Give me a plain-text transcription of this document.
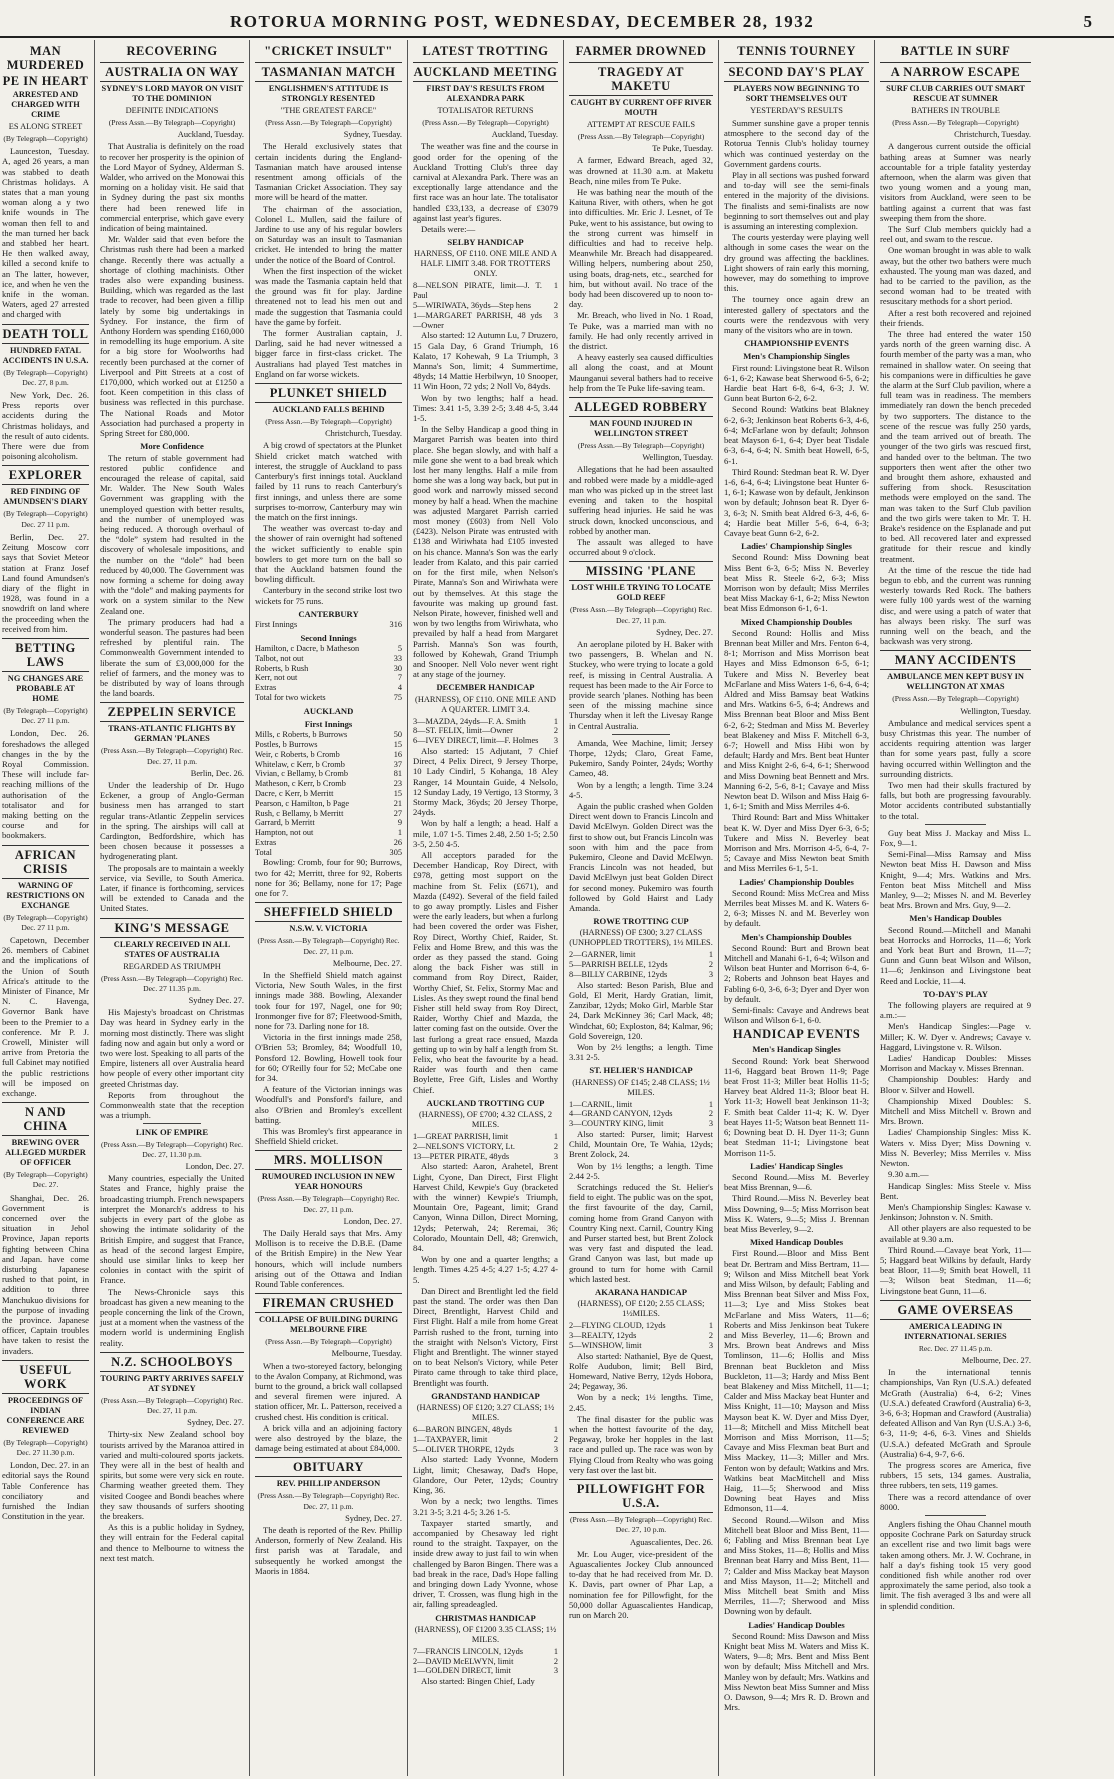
ROTORUA MORNING POST, WEDNESDAY, DECEMBER 28, 1932	5
MAN MURDERED
PE IN HEART
ARRESTED AND CHARGED WITH CRIME
ES ALONG STREET
(By Telegraph—Copyright)

Launceston, Tuesday. A, aged 26 years, a man was stabbed to death Christmas holidays. A states that a man young woman along a y two knife wounds in The woman then fell to and the man turned her back and stabbed her heart. He then walked away, killed a second knife to an The latter, however, ice, and when he ven the knife in the woman. Waters, aged 27 arrested and charged with

DEATH TOLL
HUNDRED FATAL ACCIDENTS IN U.S.A.
(By Telegraph—Copyright) Dec. 27, 8 p.m.

New York, Dec. 26. Press reports over accidents during the Christmas holidays, and the result of auto cidents. There were due from poisoning alcoholism.

EXPLORER
RED FINDING OF AMUNDSEN'S DIARY
(By Telegraph—Copyright) Dec. 27 11 p.m.

Berlin, Dec. 27. Zeitung Moscow corr says that Soviet Meteor station at Franz Josef Land found Amundsen's diary of the flight in 1928, was found in a snowdrift on land where the proceeding when the received from him.

BETTING LAWS
NG CHANGES ARE PROBABLE AT HOME
(By Telegraph—Copyright) Dec. 27 11 p.m.

London, Dec. 26. foreshadows the alleged changes in the by the Royal Commission. These will include far-reaching millions of the authorisation of the totalisator and for making betting on the course and for bookmakers.

AFRICAN CRISIS
WARNING OF RESTRICTIONS ON EXCHANGE
(By Telegraph—Copyright) Dec. 27 11 p.m.

Capetown, December 26. members of Cabinet and the implications of the Union of South Africa's attitude to the Minister of Finance, Mr N. C. Havenga, Governor Bank have been to the Premier to a conference. Mr P. J. Crowell, Minister will arrive from Pretoria the full Cabinet may notified the public restrictions will be imposed on exchange.

N AND CHINA
BREWING OVER ALLEGED MURDER OF OFFICER
(By Telegraph—Copyright) Dec. 27.

Shanghai, Dec. 26. Government is concerned over the situation in Jehol Province, Japan reports fighting between China and Japan. have come disturbing Japanese rushed to that point, in addition to three Manchukuo divisions for the purpose of invading the province. Japanese officer, Captain troubles have taken to resist the invaders.

USEFUL WORK
PROCEEDINGS OF INDIAN CONFERENCE ARE REVIEWED
(By Telegraph—Copyright) Dec. 27 11.30 p.m.

London, Dec. 27. in an editorial says the Round Table Conference has conciliatory and furnished the Indian Constitution in the year.

RECOVERING
AUSTRALIA ON WAY
SYDNEY'S LORD MAYOR ON VISIT TO THE DOMINION
DEFINITE INDICATIONS
(Press Assn.—By Telegraph—Copyright)
Auckland, Tuesday.

That Australia is definitely on the road to recover her prosperity is the opinion of the Lord Mayor of Sydney, Alderman S. Walder, who arrived on the Monowai this morning on a holiday visit. He said that in Sydney during the past six months there had been renewed life in commercial enterprise, which gave every indication of being maintained.

Mr. Walder said that even before the Christmas rush there had been a marked change. Recently there was actually a shortage of clothing machinists. Other trades also were expanding business. Building, which was regarded as the last trade to recover, had been given a fillip lately by some big undertakings in Sydney. For instance, the firm of Anthony Hordern was spending £160,000 in remodelling its huge emporium. A site for a big store for Woolworths had recently been purchased at the corner of Liverpool and Pitt Streets at a cost of £170,000, which worked out at £1250 a foot. Keen competition in this class of business was reflected in this purchase. The National Roads and Motor Association had purchased a property in Spring Street for £80,000.

More Confidence

The return of stable government had restored public confidence and encouraged the release of capital, said Mr. Walder. The New South Wales Government was grappling with the unemployed question with better results, and the number of unemployed was being reduced. A thorough overhaul of the “dole” system had resulted in the discovery of wholesale impositions, and the number on the “dole” had been reduced by 40,000. The Government was now forming a scheme for doing away with the “dole” and making payments for work on a system similar to the New Zealand one.

The primary producers had had a wonderful season. The pastures had been refreshed by plentiful rain. The Commonwealth Government intended to liberate the sum of £3,000,000 for the relief of farmers, and the money was to be distributed by way of loans through the land boards.

ZEPPELIN SERVICE
TRANS-ATLANTIC FLIGHTS BY GERMAN 'PLANES
(Press Assn.—By Telegraph—Copyright) Rec. Dec. 27, 11 p.m.
Berlin, Dec. 26.

Under the leadership of Dr. Hugo Eckener, a group of Anglo-German business men has arranged to start regular trans-Atlantic Zeppelin services in the spring. The airships will call at Cardington, Bedfordshire, which has been chosen because it possesses a hydrogenerating plant.

The proposals are to maintain a weekly service, via Seville, to South America. Later, if finance is forthcoming, services will be extended to Canada and the United States.

KING'S MESSAGE
CLEARLY RECEIVED IN ALL STATES OF AUSTRALIA
REGARDED AS TRIUMPH
(Press Assn.—By Telegraph—Copyright) Rec. Dec. 27 11.35 p.m.
Sydney Dec. 27.

His Majesty's broadcast on Christmas Day was heard in Sydney early in the morning most distinctly. There was slight fading now and again but only a word or two were lost. Speaking to all parts of the Empire, listeners all over Australia heard how people of every other important city greeted Christmas day.

Reports from throughout the Commonwealth state that the reception was a triumph.

LINK OF EMPIRE
(Press Assn.—By Telegraph—Copyright) Rec. Dec. 27, 11.30 p.m.
London, Dec. 27.

Many countries, especially the United States and France, highly praise the broadcasting triumph. French newspapers interpret the Monarch's address to his subjects in every part of the globe as showing the intimate solidarity of the British Empire, and suggest that France, as head of the second largest Empire, should use similar links to keep her colonies in contact with the spirit of France.

The News-Chronicle says this broadcast has given a new meaning to the people concerning the link of the Crown, just at a moment when the vastness of the modern world is undermining English reality.

N.Z. SCHOOLBOYS
TOURING PARTY ARRIVES SAFELY AT SYDNEY
(Press Assn.—By Telegraph—Copyright) Rec. Dec. 27, 11 p.m.
Sydney, Dec. 27.

Thirty-six New Zealand school boy tourists arrived by the Maranoa attired in varied and multi-coloured sports jackets. They were all in the best of health and spirits, but some were very sick en route. Charming weather greeted them. They visited Coogee and Bondi beaches where they saw thousands of surfers shooting the breakers.

As this is a public holiday in Sydney, they will entrain for the Federal capital and thence to Melbourne to witness the next test match.

"CRICKET INSULT"
TASMANIAN MATCH
ENGLISHMEN'S ATTITUDE IS STRONGLY RESENTED
"THE GREATEST FARCE"
(Press Assn.—By Telegraph—Copyright)
Sydney, Tuesday.

The Herald exclusively states that certain incidents during the England-Tasmanian match have aroused intense resentment among officials of the Tasmanian Cricket Association. They say more will be heard of the matter.

The chairman of the association, Colonel L. Mullen, said the failure of Jardine to use any of his regular bowlers on Saturday was an insult to Tasmanian cricket. He intended to bring the matter under the notice of the Board of Control.

When the first inspection of the wicket was made the Tasmania captain held that the ground was fit for play. Jardine threatened not to lead his men out and made the suggestion that Tasmania could have the game by forfeit.

The former Australian captain, J. Darling, said he had never witnessed a bigger farce in first-class cricket. The Australians had played Test matches in England on far worse wickets.

PLUNKET SHIELD
AUCKLAND FALLS BEHIND
(Press Assn.—By Telegraph—Copyright)
Christchurch, Tuesday.

A big crowd of spectators at the Plunket Shield cricket match watched with interest, the struggle of Auckland to pass Canterbury's first innings total. Auckland failed by 11 runs to reach Canterbury's first innings, and unless there are some surprises to-morrow, Canterbury may win the match on the first innings.

The weather was overcast to-day and the shower of rain overnight had softened the wicket sufficiently to enable spin bowlers to get more turn on the ball so that the Auckland batsmen found the bowling difficult.

Canterbury in the second strike lost two wickets for 75 runs.

CANTERBURY
First Innings	316
Second Innings
Hamilton, c Dacre, b Matheson	5
Talbot, not out	33
Roberts, b Rush	30
Kerr, not out	7
Extras	4
Total for two wickets	75
AUCKLAND
First Innings
Mills, c Roberts, b Burrows	50
Postles, b Burrows	15
Weir, c Roberts, b Cromb	16
Whitelaw, c Kerr, b Cromb	37
Vivian, c Bellamy, b Cromb	81
Matheson, c Kerr, b Cromb	23
Dacre, c Kerr, b Merritt	15
Pearson, c Hamilton, b Page	21
Rush, c Bellamy, b Merritt	27
Garrard, b Merritt	9
Hampton, not out	1
Extras	26
Total	305

Bowling: Cromb, four for 90; Burrows, two for 42; Merritt, three for 92, Roberts none for 36; Bellamy, none for 17; Page one for 7.

SHEFFIELD SHIELD
N.S.W. V. VICTORIA
(Press Assn.—By Telegraph—Copyright) Rec. Dec. 27, 11 p.m.
Melbourne, Dec. 27.

In the Sheffield Shield match against Victoria, New South Wales, in the first innings made 388. Bowling, Alexander took four for 197, Nagel, one for 90; Ironmonger five for 87; Fleetwood-Smith, none for 73. Darling none for 18.

Victoria in the first innings made 258, O'Brien 53; Bromley, 84; Woodfull 10, Ponsford 12. Bowling, Howell took four for 60; O'Reilly four for 52; McCabe one for 34.

A feature of the Victorian innings was Woodfull's and Ponsford's failure, and also O'Brien and Bromley's excellent batting.

This was Bromley's first appearance in Sheffield Shield cricket.

MRS. MOLLISON
RUMOURED INCLUSION IN NEW YEAR HONOURS
(Press Assn.—By Telegraph—Copyright) Rec. Dec. 27, 11 p.m.
London, Dec. 27.

The Daily Herald says that Mrs. Amy Mollison is to receive the D.B.E. (Dame of the British Empire) in the New Year honours, which will include numbers arising out of the Ottawa and Indian Round Table conferences.

FIREMAN CRUSHED
COLLAPSE OF BUILDING DURING MELBOURNE FIRE
(Press Assn.—By Telegraph—Copyright)
Melbourne, Tuesday.

When a two-storeyed factory, belonging to the Avalon Company, at Richmond, was burnt to the ground, a brick wall collapsed and several firemen were injured. A station officer, Mr. L. Patterson, received a crushed chest. His condition is critical.

A brick villa and an adjoining factory were also destroyed by the blaze, the damage being estimated at about £84,000.

OBITUARY
REV. PHILLIP ANDERSON
(Press Assn.—By Telegraph—Copyright) Rec. Dec. 27, 11 p.m.
Sydney, Dec. 27.

The death is reported of the Rev. Phillip Anderson, formerly of New Zealand. His first parish was at Taradale, and subsequently he worked amongst the Maoris in 1884.

LATEST TROTTING
AUCKLAND MEETING
FIRST DAY'S RESULTS FROM ALEXANDRA PARK
TOTALISATOR RETURNS
(Press Assn.—By Telegraph—Copyright)
Auckland, Tuesday.

The weather was fine and the course in good order for the opening of the Auckland Trotting Club's three day carnival at Alexandra Park. There was an exceptionally large attendance and the first race was an hour late. The totalisator handled £33,133, a decrease of £3079 against last year's figures.

Details were:—

SELBY HANDICAP
HARNESS, OF £110. ONE MILE AND A HALF. LIMIT 3.48. FOR TROTTERS ONLY.
8—NELSON PIRATE, limit—J. T. Paul
1
5—WIRIWATA, 36yds—Step hens	2
1—MARGARET PARRISH, 48 yds—Owner
3

Also started: 12 Autumn Lu, 7 Druzero, 15 Gala Day, 6 Grand Triumph, 16 Kalato, 17 Kohewah, 9 La Triumph, 3 Manna's Son, limit; 4 Summertime, 48yds; 14 Mattie Herbilwyn, 10 Snooper, 11 Win Hoon, 72 yds; 2 Noll Vo, 84yds.

Won by two lengths; half a head. Times: 3.41 1-5, 3.39 2-5; 3.48 4-5, 3.44 1-5.

In the Selby Handicap a good thing in Margaret Parrish was beaten into third place. She began slowly, and with half a mile gone she went to a bad break which lost her many lengths. Half a mile from home she was a long way back, but put in good work and narrowly missed second money by half a head. When the machine was adjusted Margaret Parrish carried most money (£603) from Nell Volo (£423). Nelson Pirate was entrusted with £138 and Wiriwhata had £105 invested on his chance. Manna's Son was the early leader from Kalato, and this pair carried on for the first mile, when Nelson's Pirate, Manna's Son and Wiriwhata were out by themselves. At this stage the favourite was making up ground fast. Nelson Pirate, however, finished well and won by two lengths from Wiriwhata, who prevailed by half a head from Margaret Parrish. Manna's Son was fourth, followed by Kohewah, Grand Triumph and Snooper. Nell Volo never went right at any stage of the journey.

DECEMBER HANDICAP
(HARNESS), OF £110. ONE MILE AND A QUARTER. LIMIT 3.4.
3—MAZDA, 24yds—F. A. Smith	1
8—ST. FELIX, limit—Owner	2
6—IVEY DIRECT, limit—F. Holmes	3

Also started: 15 Adjutant, 7 Chief Direct, 4 Pelix Direct, 9 Jersey Thorpe, 10 Lady Cindirl, 5 Kohanga, 18 Aley Ranger, 14 Mountain Guide, 4 Nelsolo, 12 Sunday Lady, 19 Vertigo, 13 Stormy, 3 Stormy Mack, 36yds; 20 Jersey Thorpe, 24yds.

Won by half a length; a head. Half a mile, 1.07 1-5. Times 2.48, 2.50 1-5; 2.50 3-5, 2.50 4-5.

All acceptors paraded for the December Handicap, Roy Direct, with £978, getting most support on the machine from St. Felix (£671), and Mazda (£492). Several of the field failed to go away promptly. Lisles and Fisher were the early leaders, but when a furlong had been covered the order was Fisher, Roy Direct, Worthy Chief, Raider, St. Felix and Home Brew, and this was the order as they passed the stand. Going along the back Fisher was still in command from Roy Direct, Raider, Worthy Chief, St. Felix, Stormy Mac and Lisles. As they swept round the final bend Fisher still held sway from Roy Direct, Raider, Worthy Chief and Mazda, the latter coming fast on the outside. Over the last furlong a great race ensued, Mazda getting up to win by half a length from St. Felix, who beat the favourite by a head. Raider was fourth and then came Boylette, Free Gift, Lisles and Worthy Chief.

AUCKLAND TROTTING CUP
(HARNESS), OF £700; 4.32 CLASS, 2 MILES.
1—GREAT PARRISH, limit	1
2—NELSON'S VICTORY, Lt.	2
13—PETER PIRATE, 48yds	3

Also started: Aaron, Arahetel, Brent Light, Cyone, Dan Direct, First Flight Harvest Child, Kewpie's Guy (bracketed with the winner) Kewpie's Triumph, Mountain Ore, Pageant, limit; Grand Canyon, Winna Dillon, Direct Morning, 12yds; Peterwah, 24; Reremai, 36; Colorado, Mountain Dell, 48; Grenwich, 84.

Won by one and a quarter lengths; a length. Times 4.25 4-5; 4.27 1-5; 4.27 4-5.

Dan Direct and Brentlight led the field past the stand. The order was then Dan Direct, Brentlight, Harvest Child and First Flight. Half a mile from home Great Parrish rushed to the front, turning into the straight with Nelson's Victory, First Flight and Brentlight. The winner stayed on to beat Nelson's Victory, while Peter Pirato came through to take third place, Brentlight was fourth.

GRANDSTAND HANDICAP
(HARNESS) OF £120; 3.27 CLASS; 1½ MILES.
6—BARON BINGEN, 48yds	1
1—TAXPAYER, limit	2
5—OLIVER THORPE, 12yds	3

Also started: Lady Yvonne, Modern Light, limit; Chesaway, Dad's Hope, Glandore, Our Peter, 12yds; Country King, 36.

Won by a neck; two lengths. Times 3.21 3-5; 3.21 4-5; 3.26 1-5.

Taxpayer started smartly, and accompanied by Chesaway led right round to the straight. Taxpayer, on the inside drew away to just fail to win when challenged by Baron Bingen. There was a bad break in the race, Dad's Hope falling and bringing down Lady Yvonne, whose driver, T. Crossen, was flung high in the air, falling spreadeagled.

CHRISTMAS HANDICAP
(HARNESS), OF £1200 3.35 CLASS; 1½ MILES.
7—FRANCIS LINCOLN, 12yds	1
2—DAVID McELWYN, limit	2
1—GOLDEN DIRECT, limit	3

Also started: Bingen Chief, Lady

FARMER DROWNED
TRAGEDY AT MAKETU
CAUGHT BY CURRENT OFF RIVER MOUTH
ATTEMPT AT RESCUE FAILS
(Press Assn.—By Telegraph—Copyright)
Te Puke, Tuesday.

A farmer, Edward Breach, aged 32, was drowned at 11.30 a.m. at Maketu Beach, nine miles from Te Puke.

He was bathing near the mouth of the Kaituna River, with others, when he got into difficulties. Mr. Eric J. Lesnet, of Te Puke, went to his assistance, but owing to the strong current was himself in difficulties and had to receive help. Meanwhile Mr. Breach had disappeared. Willing helpers, numbering about 250, using boats, drag-nets, etc., searched for him, but without avail. No trace of the body had been discovered up to noon to-day.

Mr. Breach, who lived in No. 1 Road, Te Puke, was a married man with no family. He had only recently arrived in the district.

A heavy easterly sea caused difficulties all along the coast, and at Mount Maunganui several bathers had to receive help from the Te Puke life-saving team.

ALLEGED ROBBERY
MAN FOUND INJURED IN WELLINGTON STREET
(Press Assn.—By Telegraph—Copyright)
Wellington, Tuesday.

Allegations that he had been assaulted and robbed were made by a middle-aged man who was picked up in the street last evening and taken to the hospital suffering head injuries. He said he was struck down, knocked unconscious, and robbed by another man.

The assault was alleged to have occurred about 9 o'clock.

MISSING 'PLANE
LOST WHILE TRYING TO LOCATE GOLD REEF
(Press Assn.—By Telegraph—Copyright) Rec. Dec. 27, 11 p.m.
Sydney, Dec. 27.

An aeroplane piloted by H. Baker with two passengers, B. Whelan and N. Stuckey, who were trying to locate a gold reef, is missing in Central Australia. A request has been made to the Air Force to provide search 'planes. Nothing has been seen of the missing machine since Thursday when it left the Livesay Range in Central Australia.

Amanda, Wee Machine, limit; Jersey Thorpe, 12yds; Claro, Great Fame, Pukemiro, Sandy Pointer, 24yds; Worthy Cameo, 48.

Won by a length; a length. Time 3.24 4-5.

Again the public crashed when Golden Direct went down to Francis Lincoln and David McElwyn. Golden Direct was the first to show out, but Francis Lincoln was soon with him and the pace from Pukemiro, Cleone and David McElwyn. Francis Lincoln was not headed, but David McElwyn just beat Golden Direct for second money. Pukemiro was fourth followed by Gold Hairst and Lady Amanda.

ROWE TROTTING CUP
(HARNESS) OF £300; 3.27 CLASS (UNHOPPLED TROTTERS), 1½ MILES.
2—GARNER, limit	1
5—PARRISH BELLE, 12yds	2
8—BILLY CARBINE, 12yds	3

Also started: Beson Parish, Blue and Gold, El Merit, Hardy Gratian, limit, Zanzibar, 12yds; Moko Girl, Marble Star 24, Dark McKinney 36; Carl Mack, 48; Windchat, 60; Exploston, 84; Kalmar, 96; Gold Sovereign, 120.

Won by 2½ lengths; a length. Time 3.31 2-5.

ST. HELIER'S HANDICAP
(HARNESS) OF £145; 2.48 CLASS; 1½ MILES.
1—CARNIL, limit	1
4—GRAND CANYON, 12yds	2
3—COUNTRY KING, limit	3

Also started: Purser, limit; Harvest Child, Mountain Ore, Te Wahia, 12yds; Brent Zolock, 24.

Won by 1½ lengths; a length. Time 2.44 2-5.

Scratchings reduced the St. Helier's field to eight. The public was on the spot, the first favourite of the day, Carnil, coming home from Grand Canyon with Country King next. Carnil, Country King and Purser started best, but Brent Zolock was very fast and disputed the lead. Grand Canyon was last, but made up ground to turn for home with Carnil which lasted best.

AKARANA HANDICAP
(HARNESS), OF £120; 2.55 CLASS; 1½MILES.
2—FLYING CLOUD, 12yds	1
3—REALTY, 12yds	2
5—WINSHOW, limit	3

Also started: Nathaniel, Bye de Quest, Rolfe Audubon, limit; Bell Bird, Homeward, Native Berry, 12yds Hobora, 24; Pegaway, 36.

Won by a neck; 1½ lengths. Time, 2.45.

The final disaster for the public was when the hottest favourite of the day, Pegaway, broke her hopples in the last race and pulled up. The race was won by Flying Cloud from Realty who was going very fast over the last bit.

PILLOWFIGHT FOR U.S.A.
(Press Assn.—By Telegraph—Copyright) Rec. Dec. 27, 10 p.m.
Aguascalientes, Dec. 26.

Mr. Lou Auger, vice-president of the Aguascalientes Jockey Club announced to-day that he had received from Mr. D. K. Davis, part owner of Phar Lap, a nomination fee for Pillowfight, for the 50,000 dollar Aguascalientes Handicap, run on March 20.

TENNIS TOURNEY
SECOND DAY'S PLAY
PLAYERS NOW BEGINNING TO SORT THEMSELVES OUT
YESTERDAY'S RESULTS

Summer sunshine gave a proper tennis atmosphere to the second day of the Rotorua Tennis Club's holiday tourney which was continued yesterday on the Government gardens courts.

Play in all sections was pushed forward and to-day will see the semi-finals entered in the majority of the divisions. The finalists and semi-finalists are now beginning to sort themselves out and play is assuming an interesting complexion.

The courts yesterday were playing well although in some cases the wear on the dry ground was affecting the backlines. Light showers of rain early this morning, however, may do something to improve this.

The tourney once again drew an interested gallery of spectators and the courts were the rendezvous with very many of the visitors who are in town.

CHAMPIONSHIP EVENTS
Men's Championship Singles

First round: Livingstone beat R. Wilson 6-1, 6-2; Kawase beat Sherwood 6-5, 6-2; Hardie beat Hart 6-8, 6-4, 6-3; J. W. Gunn beat Burton 6-2, 6-2.

Second Round: Watkins beat Blakney 6-2, 6-3; Jenkinson beat Roberts 6-3, 4-6, 6-4; McFarlane won by default; Johnson beat Mayson 6-1, 6-4; Dyer beat Tisdale 6-3, 6-4, 6-4; N. Smith beat Howell, 6-5, 6-1.

Third Round: Stedman beat R. W. Dyer 1-6, 6-4, 6-4; Livingstone beat Hunter 6-1, 6-1; Kawase won by default, Jenkinson won by default; Johnson beat R. Dyer 6-3, 6-3; N. Smith beat Aldred 6-3, 4-6, 6-4; Hardie beat Miller 5-6, 6-4, 6-3; Cavaye beat Gunn 6-2, 6-2.

Ladies' Championship Singles

Second Round: Miss Downing beat Miss Bent 6-3, 6-5; Miss N. Beverley beat Miss R. Steele 6-2, 6-3; Miss Morrison won by default; Miss Merriles beat Miss Mackay 6-1, 6-2; Miss Newton beat Miss Edmonson 6-1, 6-1.

Mixed Championship Doubles

Second Round: Hollis and Miss Brennan beat Miller and Mrs. Fenton 6-4, 8-1; Morrison and Miss Morrison beat Hayes and Miss Edmonson 6-5, 6-1; Tukere and Miss N. Beverley beat McFarlane and Miss Waters 1-6, 6-4, 6-4; Aldred and Miss Bamsay beat Watkins and Mrs. Watkins 6-5, 6-4; Andrews and Miss Brennan beat Bloor and Miss Bent 6-2, 6-2; Stedman and Miss M. Beverley beat Blakeney and Miss F. Mitchell 6-3, 6-7; Howell and Miss Hibi won by default; Hardy and Mrs. Bent beat Hunter and Miss Knight 2-6, 6-4, 6-1; Sherwood and Miss Downing beat Bennett and Mrs. Manning 6-2, 5-6, 8-1; Cavaye and Miss Newton beat D. Wilson and Miss Haig 6-1, 6-1; Smith and Miss Merriles 4-6.

Third Round: Bart and Miss Whittaker beat K. W. Dyer and Miss Dyer 6-3, 6-5; Tukere and Miss N. Beverley beat Morrison and Mrs. Morrison 4-5, 6-4, 7-5; Cavaye and Miss Newton beat Smith and Miss Merriles 6-1, 5-1.

Ladies' Championship Doubles

Second Round: Miss McCrea and Miss Merriles beat Misses M. and K. Waters 6-2, 6-3; Misses N. and M. Beverley won by default.

Men's Championship Doubles

Second Round: Burt and Brown beat Mitchell and Manahi 6-1, 6-4; Wilson and Wilson beat Hunter and Morrison 6-4, 6-2; Roberts and Johnson beat Hayes and Fabling 6-0, 3-6, 6-3; Dyer and Dyer won by default.

Semi-finals: Cavaye and Andrews beat Wilson and Wilson 6-1, 6-0.

HANDICAP EVENTS
Men's Handicap Singles

Second Round: York beat Sherwood 11-6, Haggard beat Brown 11-9; Page beat Frost 11-3; Miller beat Hollis 11-5; Harvey beat Aldred 11-3; Bloor beat H. York 11-3; Howell beat Jenkinson 11-3; F. Smith beat Calder 11-4; K. W. Dyer beat Hayes 11-5; Watson beat Bennett 11-6; Downing beat D. H. Dyer 11-3; Gunn beat Stedman 11-1; Livingstone beat Morrison 11-5.

Ladies' Handicap Singles

Second Round.—Miss M. Beverley beat Miss Brennan, 9—6.

Third Round.—Miss N. Beverley beat Miss Downing, 9—5; Miss Morrison beat Miss K. Waters, 9—5; Miss J. Brennan beat Miss Beverley, 9—2.

Mixed Handicap Doubles

First Round.—Bloor and Miss Bent beat Dr. Bertram and Miss Bertram, 11—9; Wilson and Miss Mitchell beat York and Miss Wilson, by default; Fabling and Miss Brennan beat Silver and Miss Fox, 11—3; Lye and Miss Stokes beat McFarlane and Miss Waters, 11—6; Roberts and Miss Jenkinson beat Tukere and Miss Beverley, 11—6; Brown and Mrs. Brown beat Andrews and Miss Tomlinson, 11—6; Hollis and Miss Brennan beat Buckleton and Miss Buckleton, 11—3; Hardy and Miss Bent beat Blakeney and Miss Mitchell, 11—1; Calder and Miss Mackay beat Hunter and Miss Knight, 11—10; Mayson and Miss Mayson beat K. W. Dyer and Miss Dyer, 11—8; Mitchell and Miss Mitchell beat Morrison and Miss Morrison, 11—5; Cavaye and Miss Flexman beat Burt and Miss Mackey, 11—3; Miller and Mrs. Fenton won by default; Watkins and Mrs. Watkins beat MacMitchell and Miss Haig, 11—5; Sherwood and Miss Downing beat Hayes and Miss Edmonson, 11—4.

Second Round.—Wilson and Miss Mitchell beat Bloor and Miss Bent, 11—6; Fabling and Miss Brennan beat Lye and Miss Stokes, 11—8; Hollis and Miss Brennan beat Harry and Miss Bent, 11—7; Calder and Miss Mackay beat Mayson and Miss Mayson, 11—2; Mitchell and Miss Mitchell beat Smith and Miss Merriles, 11—7; Sherwood and Miss Downing won by default.

Ladies' Handicap Doubles

Second Round: Miss Dawson and Miss Knight beat Miss M. Waters and Miss K. Waters, 9—8; Mrs. Bent and Miss Bent won by default; Miss Mitchell and Mrs. Manley won by default; Mrs. Watkins and Miss Newton beat Miss Sumner and Miss O. Dawson, 9—4; Mrs R. D. Brown and Mrs.

BATTLE IN SURF
A NARROW ESCAPE
SURF CLUB CARRIES OUT SMART RESCUE AT SUMNER
BATHERS IN TROUBLE
(Press Assn.—By Telegraph—Copyright)
Christchurch, Tuesday.

A dangerous current outside the official bathing areas at Sumner was nearly accountable for a triple fatality yesterday afternoon, when the alarm was given that two young women and a young man, visitors from Auckland, were seen to be battling against a current that was fast sweeping them from the shore.

The Surf Club members quickly had a reel out, and swam to the rescue.

One woman brought in was able to walk away, but the other two bathers were much exhausted. The young man was dazed, and had to be carried to the pavilion, as the second woman had to be treated with resuscitary methods for a short period.

After a rest both recovered and rejoined their friends.

The three had entered the water 150 yards north of the green warning disc. A fourth member of the party was a man, who remained in shallow water. On seeing that his companions were in difficulties he gave the alarm at the Surf Club pavilion, where a full team was in readiness. The members immediately ran down the bench preceded by two supporters. The distance to the scene of the rescue was fully 250 yards, and the team arrived out of breath. The younger of the two girls was rescued first, and handed over to the beltman. The two supporters then went after the other two and brought them ashore, exhausted and suffering from shock. Resuscitation methods were employed on the sand. The man was taken to the Surf Club pavilion and the two girls were taken to Mr. T. H. Brake's residence on the Esplanade and put to bed. All recovered later and expressed gratitude for their rescue and kindly treatment.

At the time of the rescue the tide had begun to ebb, and the current was running westerly towards Red Rock. The bathers were fully 100 yards west of the warning disc, and were using a patch of water that has always been risky. The surf was running well on the beach, and the backwash was very strong.

MANY ACCIDENTS
AMBULANCE MEN KEPT BUSY IN WELLINGTON AT XMAS
(Press Assn.—By Telegraph—Copyright)
Wellington, Tuesday.

Ambulance and medical services spent a busy Christmas this year. The number of accidents requiring attention was larger than for some years past, fully a score having occurred within Wellington and the surrounding districts.

Two men had their skulls fractured by falls, but both are progressing favourably. Motor accidents contributed substantially to the total.

Guy beat Miss J. Mackay and Miss L. Fox, 9—1.

Semi-Final—Miss Ramsay and Miss Newton beat Miss H. Dawson and Miss Knight, 9—4; Mrs. Watkins and Mrs. Fenton beat Miss Mitchell and Miss Manley, 9—2; Misses N. and M. Beverley beat Mrs. Brown and Mrs. Guy, 9—2.

Men's Handicap Doubles

Second Round.—Mitchell and Manahi beat Horrocks and Horrocks, 11—6; York and York beat Burt and Brown, 11—7; Gunn and Gunn beat Wilson and Wilson, 11—6; Jenkinson and Livingstone beat Reed and Lockie, 11—4.

TO-DAY'S PLAY

The following players are required at 9 a.m.:—

Men's Handicap Singles:—Page v. Miller; K. W. Dyer v. Andrews; Cavaye v. Haggard, Livingstone v. R. Wilson.

Ladies' Handicap Doubles: Misses Morrison and Mackay v. Misses Brennan.

Championship Doubles: Hardy and Bloor v. Silver and Howell.

Championship Mixed Doubles: S. Mitchell and Miss Mitchell v. Brown and Mrs. Brown.

Ladies' Championship Singles: Miss K. Waters v. Miss Dyer; Miss Downing v. Miss N. Beverley; Miss Merriles v. Miss Newton.

9.30 a.m.—

Handicap Singles: Miss Steele v. Miss Bent.

Men's Championship Singles: Kawase v. Jenkinson; Johnston v. N. Smith.

All other players are also requested to be available at 9.30 a.m.

Third Round.—Cavaye beat York, 11—5; Haggard beat Wilkins by default, Hardy beat Bloor, 11—9; Smith beat Howell, 11—3; Wilson beat Stedman, 11—6; Livingstone beat Gunn, 11—6.

GAME OVERSEAS
AMERICA LEADING IN INTERNATIONAL SERIES
Rec. Dec. 27 11.45 p.m.
Melbourne, Dec. 27.

In the international tennis championships, Van Ryn (U.S.A.) defeated McGrath (Australia) 6-4, 6-2; Vines (U.S.A.) defeated Crawford (Australia) 6-3, 3-6, 6-3; Hopman and Crawford (Australia) defeated Allison and Van Ryn (U.S.A.) 3-6, 6-3, 11-9; 4-6, 6-3. Vines and Shields (U.S.A.) defeated McGrath and Sproule (Australia) 6-4, 9-7, 6-6.

The progress scores are America, five rubbers, 15 sets, 134 games. Australia, three rubbers, ten sets, 119 games.

There was a record attendance of over 8000.

Anglers fishing the Ohau Channel mouth opposite Cochrane Park on Saturday struck an excellent rise and two limit bags were taken among others. Mr. J. W. Cochrane, in half a day's fishing took 15 very good conditioned fish while another rod over approximately the same period, also took a limit. The fish averaged 3 lbs and were all in splendid condition.
